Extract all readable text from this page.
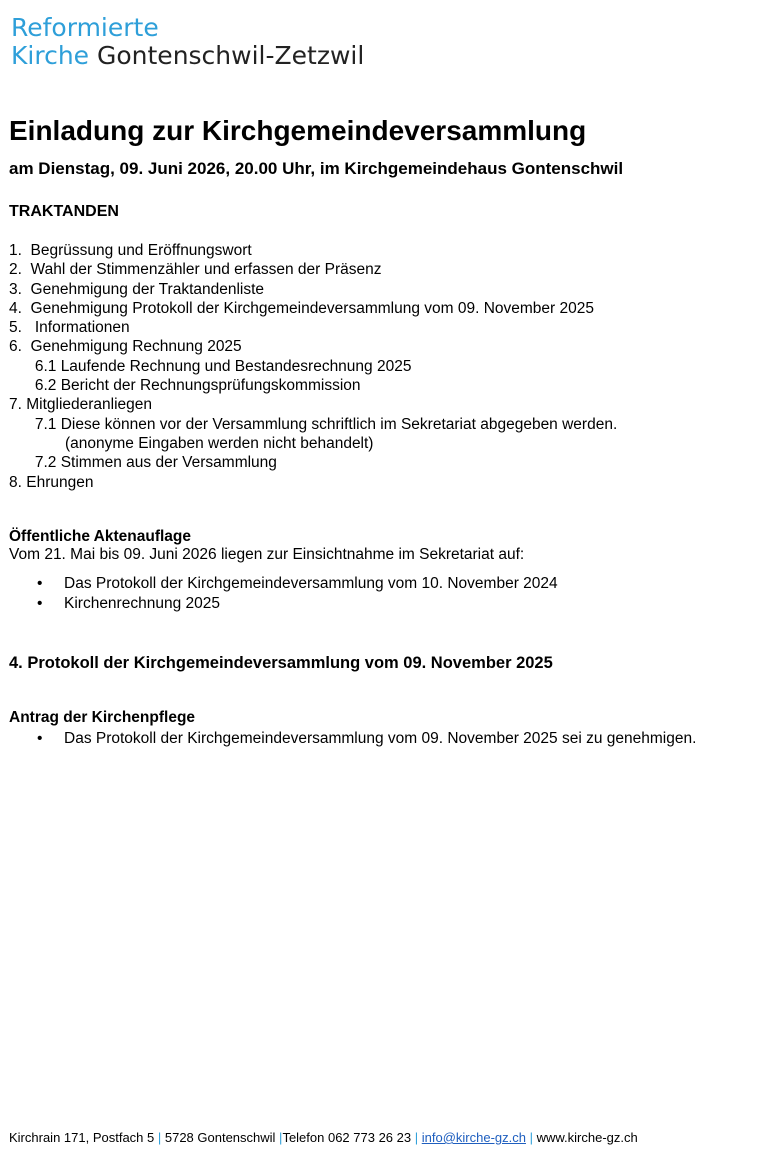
Reformierte
Kirche Gontenschwil-Zetzwil
Einladung zur Kirchgemeindeversammlung
am Dienstag, 09. Juni 2026, 20.00 Uhr, im Kirchgemeindehaus Gontenschwil
TRAKTANDEN
1.  Begrüssung und Eröffnungswort
2.  Wahl der Stimmenzähler und erfassen der Präsenz
3.  Genehmigung der Traktandenliste
4.  Genehmigung Protokoll der Kirchgemeindeversammlung vom 09. November 2025
5.   Informationen
6.  Genehmigung Rechnung 2025
6.1 Laufende Rechnung und Bestandesrechnung 2025
6.2 Bericht der Rechnungsprüfungskommission
7. Mitgliederanliegen
7.1 Diese können vor der Versammlung schriftlich im Sekretariat abgegeben werden.
(anonyme Eingaben werden nicht behandelt)
7.2 Stimmen aus der Versammlung
8. Ehrungen
Öffentliche Aktenauflage
Vom 21. Mai bis 09. Juni 2026 liegen zur Einsichtnahme im Sekretariat auf:
• Das Protokoll der Kirchgemeindeversammlung vom 10. November 2024
• Kirchenrechnung 2025
4. Protokoll der Kirchgemeindeversammlung vom 09. November 2025
Antrag der Kirchenpflege
• Das Protokoll der Kirchgemeindeversammlung vom 09. November 2025 sei zu genehmigen.
Kirchrain 171, Postfach 5 | 5728 Gontenschwil |Telefon 062 773 26 23 | info@kirche-gz.ch | www.kirche-gz.ch
